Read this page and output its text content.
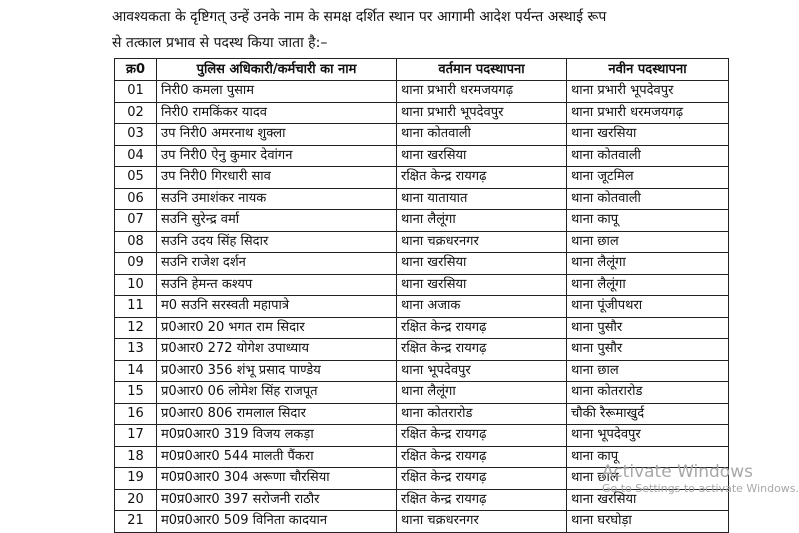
आवश्यकता के दृष्टिगत् उन्हें उनके नाम के समक्ष दर्शित स्थान पर आगामी आदेश पर्यन्त अस्थाई रूप

से तत्काल प्रभाव से पदस्थ किया जाता है:–

क्र0	पुलिस अधिकारी/कर्मचारी का नाम	वर्तमान पदस्थापना	नवीन पदस्थापना
01	निरी0 कमला पुसाम	थाना प्रभारी धरमजयगढ़	थाना प्रभारी भूपदेवपुर
02	निरी0 रामकिंकर यादव	थाना प्रभारी भूपदेवपुर	थाना प्रभारी धरमजयगढ़
03	उप निरी0 अमरनाथ शुक्ला	थाना कोतवाली	थाना खरसिया
04	उप निरी0 ऐनु कुमार देवांगन	थाना खरसिया	थाना कोतवाली
05	उप निरी0 गिरधारी साव	रक्षित केन्द्र रायगढ़	थाना जूटमिल
06	सउनि उमाशंकर नायक	थाना यातायात	थाना कोतवाली
07	सउनि सुरेन्द्र वर्मा	थाना लैलूंगा	थाना कापू
08	सउनि उदय सिंह सिदार	थाना चक्रधरनगर	थाना छाल
09	सउनि राजेश दर्शन	थाना खरसिया	थाना लैलूंगा
10	सउनि हेमन्त कश्यप	थाना खरसिया	थाना लैलूंगा
11	म0 सउनि सरस्वती महापात्रे	थाना अजाक	थाना पूंजीपथरा
12	प्र0आर0 20 भगत राम सिदार	रक्षित केन्द्र रायगढ़	थाना पुसौर
13	प्र0आर0 272 योगेश उपाध्याय	रक्षित केन्द्र रायगढ़	थाना पुसौर
14	प्र0आर0 356 शंभू प्रसाद पाण्डेय	थाना भूपदेवपुर	थाना छाल
15	प्र0आर0 06 लोमेश सिंह राजपूत	थाना लैलूंगा	थाना कोतरारोड
16	प्र0आर0 806 रामलाल सिदार	थाना कोतरारोड	चौकी रैरूमाखुर्द
17	म0प्र0आर0 319 विजय लकड़ा	रक्षित केन्द्र रायगढ़	थाना भूपदेवपुर
18	म0प्र0आर0 544 मालती पैंकरा	रक्षित केन्द्र रायगढ़	थाना कापू
19	म0प्र0आर0 304 अरूणा चौरसिया	रक्षित केन्द्र रायगढ़	थाना छाल
20	म0प्र0आर0 397 सरोजनी राठौर	रक्षित केन्द्र रायगढ़	थाना खरसिया
21	म0प्र0आर0 509 विनिता कादयान	थाना चक्रधरनगर	थाना घरघोड़ा
Activate Windows
Go to Settings to activate Windows.
